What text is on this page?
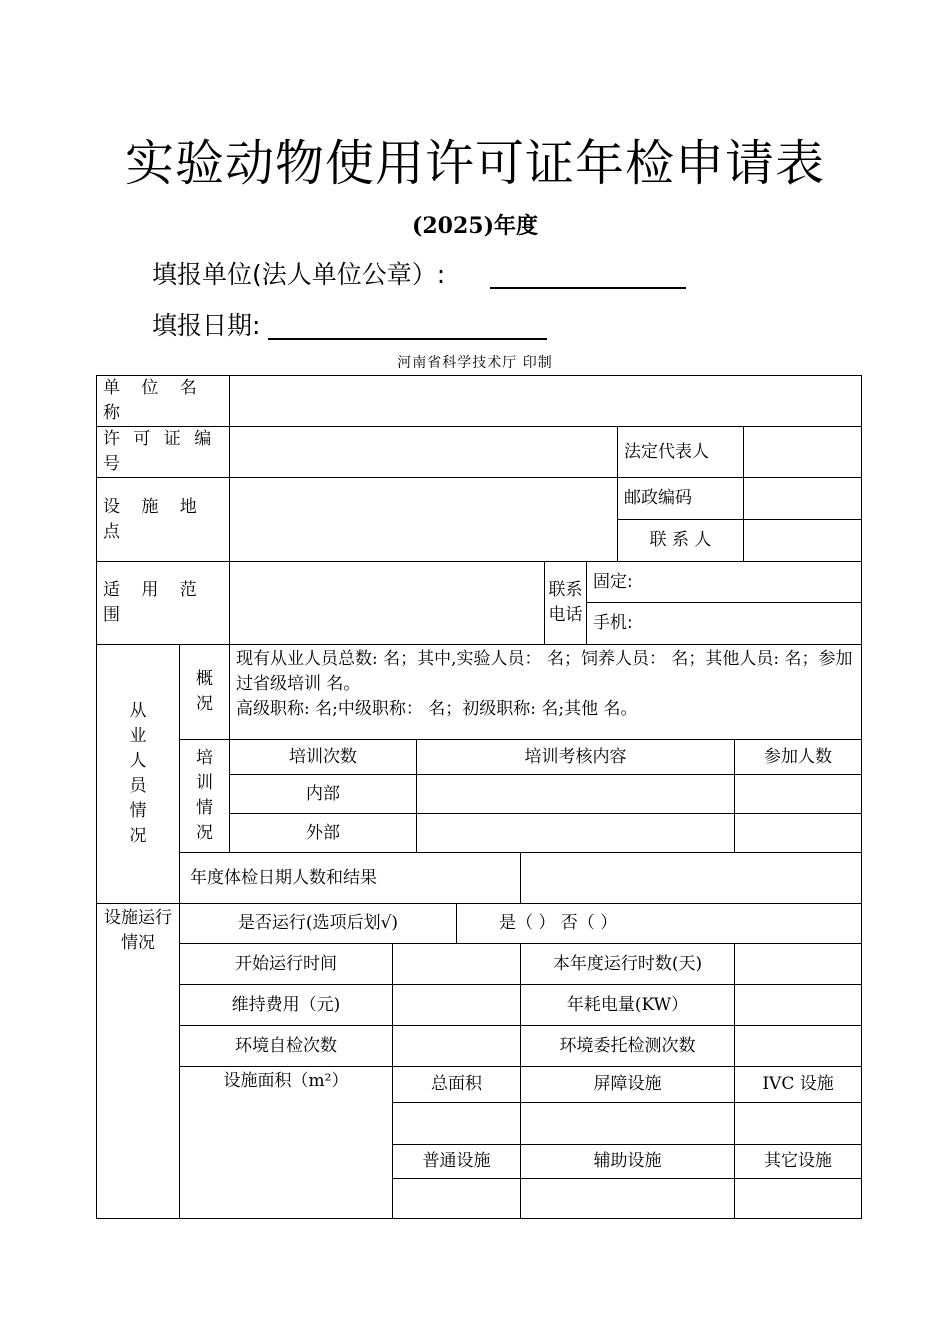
实验动物使用许可证年检申请表
(2025)年度
填报单位(法人单位公章）:
填报日期:
河南省科学技术厅 印制
单 位 名 称											
许 可 证 编 号									法定代表人		
设 施 地 点									邮政编码		
									联 系 人		
适 用 范 围							联系电话	固定:			
								手机:			
从业人员情况	概况	现有从业人员总数: 名；其中,实验人员： 名；饲养人员： 名；其他人员: 名；参加过省级培训 名。
高级职称: 名;中级职称： 名；初级职称: 名;其他 名。									

	培训情况	培训次数		培训考核内容						参加人数	
		内部									
		外部									
	年度体检日期人数和结果										
设施运行情况	是否运行(选项后划√)				是（ ） 否（ ）						
	开始运行时间					本年度运行时数(天)					
	维持费用（元)					年耗电量(KW）					
	环境自检次数					环境委托检测次数					
	设施面积（m²）		总面积			屏障设施				IVC 设施	

			普通设施			辅助设施				其它设施	
